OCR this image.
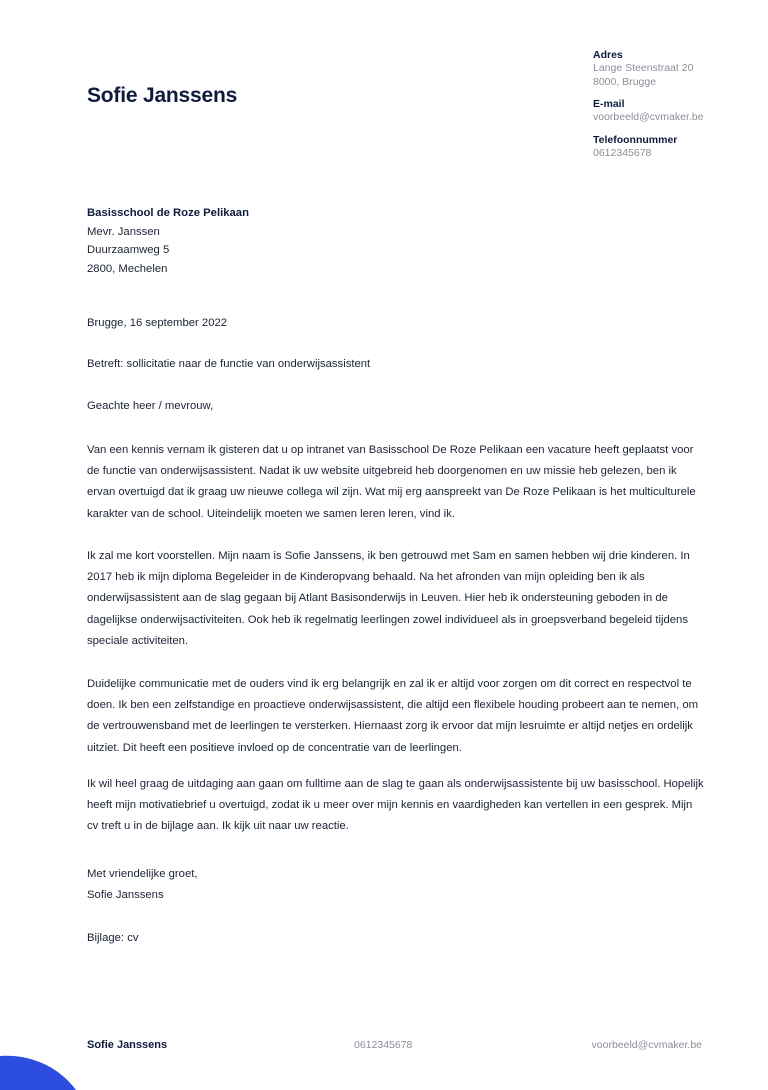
Sofie Janssens
Adres
Lange Steenstraat 20
8000, Brugge
E-mail
voorbeeld@cvmaker.be
Telefoonnummer
0612345678
Basisschool de Roze Pelikaan
Mevr. Janssen
Duurzaamweg 5
2800, Mechelen
Brugge, 16 september 2022
Betreft: sollicitatie naar de functie van onderwijsassistent
Geachte heer / mevrouw,
Van een kennis vernam ik gisteren dat u op intranet van Basisschool De Roze Pelikaan een vacature heeft geplaatst voor
de functie van onderwijsassistent. Nadat ik uw website uitgebreid heb doorgenomen en uw missie heb gelezen, ben ik
ervan overtuigd dat ik graag uw nieuwe collega wil zijn. Wat mij erg aanspreekt van De Roze Pelikaan is het multiculturele
karakter van de school. Uiteindelijk moeten we samen leren leren, vind ik.
Ik zal me kort voorstellen. Mijn naam is Sofie Janssens, ik ben getrouwd met Sam en samen hebben wij drie kinderen. In
2017 heb ik mijn diploma Begeleider in de Kinderopvang behaald. Na het afronden van mijn opleiding ben ik als
onderwijsassistent aan de slag gegaan bij Atlant Basisonderwijs in Leuven. Hier heb ik ondersteuning geboden in de
dagelijkse onderwijsactiviteiten. Ook heb ik regelmatig leerlingen zowel individueel als in groepsverband begeleid tijdens
speciale activiteiten.
Duidelijke communicatie met de ouders vind ik erg belangrijk en zal ik er altijd voor zorgen om dit correct en respectvol te
doen. Ik ben een zelfstandige en proactieve onderwijsassistent, die altijd een flexibele houding probeert aan te nemen, om
de vertrouwensband met de leerlingen te versterken. Hiernaast zorg ik ervoor dat mijn lesruimte er altijd netjes en ordelijk
uitziet. Dit heeft een positieve invloed op de concentratie van de leerlingen.
Ik wil heel graag de uitdaging aan gaan om fulltime aan de slag te gaan als onderwijsassistente bij uw basisschool. Hopelijk
heeft mijn motivatiebrief u overtuigd, zodat ik u meer over mijn kennis en vaardigheden kan vertellen in een gesprek. Mijn
cv treft u in de bijlage aan. Ik kijk uit naar uw reactie.
Met vriendelijke groet,
Sofie Janssens
Bijlage: cv
Sofie Janssens	0612345678	voorbeeld@cvmaker.be
